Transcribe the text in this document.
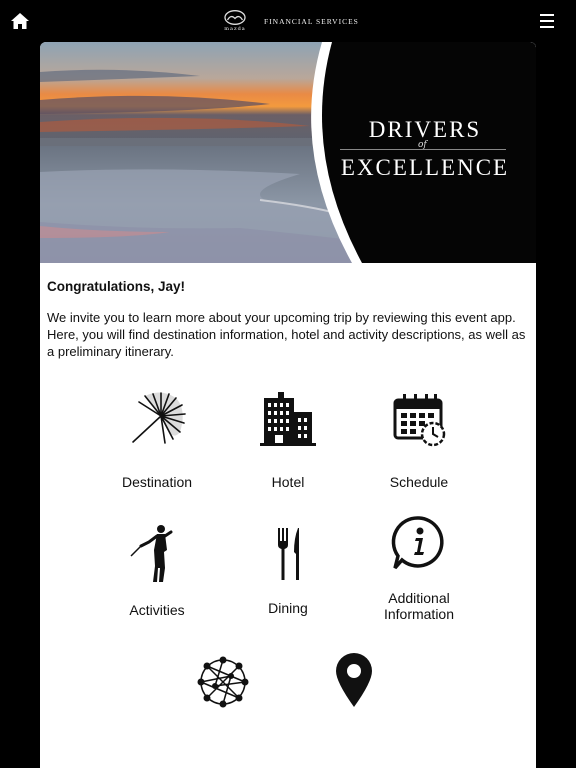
mazda
FINANCIAL SERVICES
DRIVERS
of
EXCELLENCE
Congratulations, Jay!
We invite you to learn more about your upcoming trip by reviewing this event app. Here, you will find destination information, hotel and activity descriptions, as well as a preliminary itinerary.
Destination	Hotel	Schedule
Activities	Dining
Additional
Information
